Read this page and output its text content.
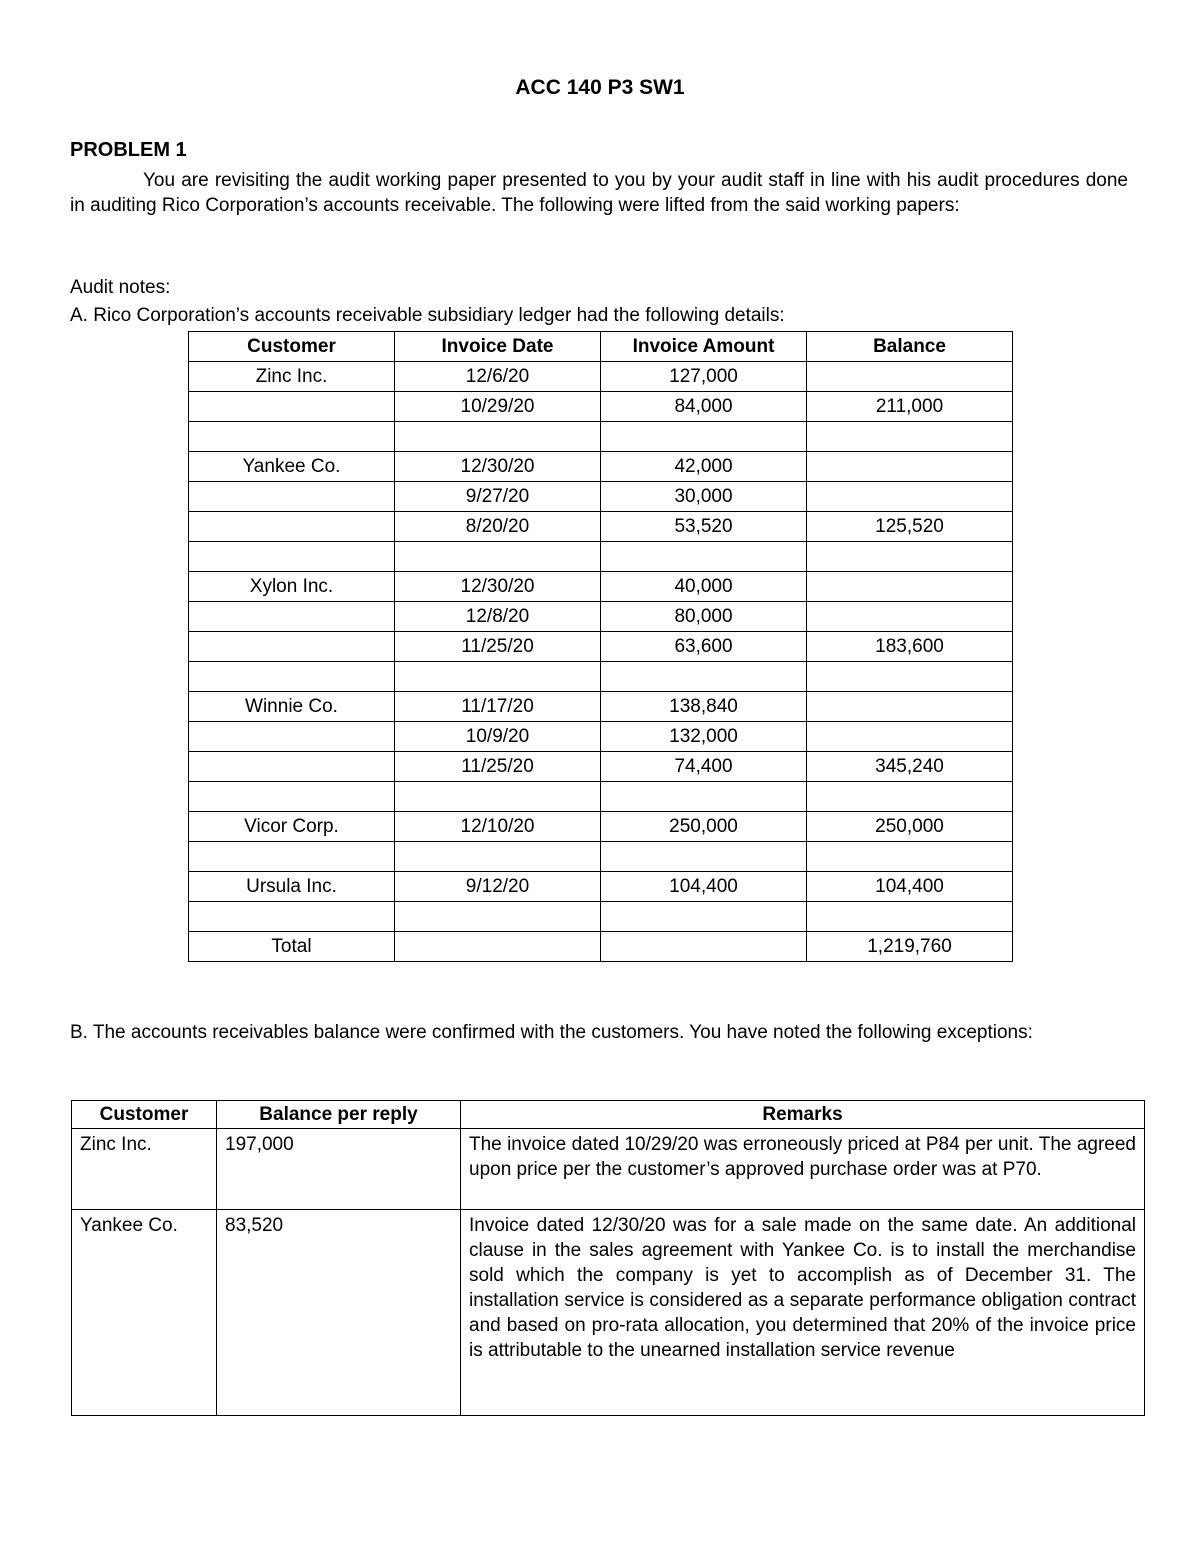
ACC 140 P3 SW1
PROBLEM 1
You are revisiting the audit working paper presented to you by your audit staff in line with his audit procedures done in auditing Rico Corporation’s accounts receivable. The following were lifted from the said working papers:
Audit notes:
A. Rico Corporation’s accounts receivable subsidiary ledger had the following details:
Customer	Invoice Date	Invoice Amount	Balance
Zinc Inc.	12/6/20	127,000	
	10/29/20	84,000	211,000

Yankee Co.	12/30/20	42,000	
	9/27/20	30,000	
	8/20/20	53,520	125,520

Xylon Inc.	12/30/20	40,000	
	12/8/20	80,000	
	11/25/20	63,600	183,600

Winnie Co.	11/17/20	138,840	
	10/9/20	132,000	
	11/25/20	74,400	345,240

Vicor Corp.	12/10/20	250,000	250,000

Ursula Inc.	9/12/20	104,400	104,400

Total			1,219,760
B. The accounts receivables balance were confirmed with the customers. You have noted the following exceptions:
Customer	Balance per reply	Remarks
Zinc Inc.	197,000	The invoice dated 10/29/20 was erroneously priced at P84 per unit. The agreed upon price per the customer’s approved purchase order was at P70.
Yankee Co.	83,520	Invoice dated 12/30/20 was for a sale made on the same date. An additional clause in the sales agreement with Yankee Co. is to install the merchandise sold which the company is yet to accomplish as of December 31. The installation service is considered as a separate performance obligation contract and based on pro-rata allocation, you determined that 20% of the invoice price is attributable to the unearned installation service revenue
